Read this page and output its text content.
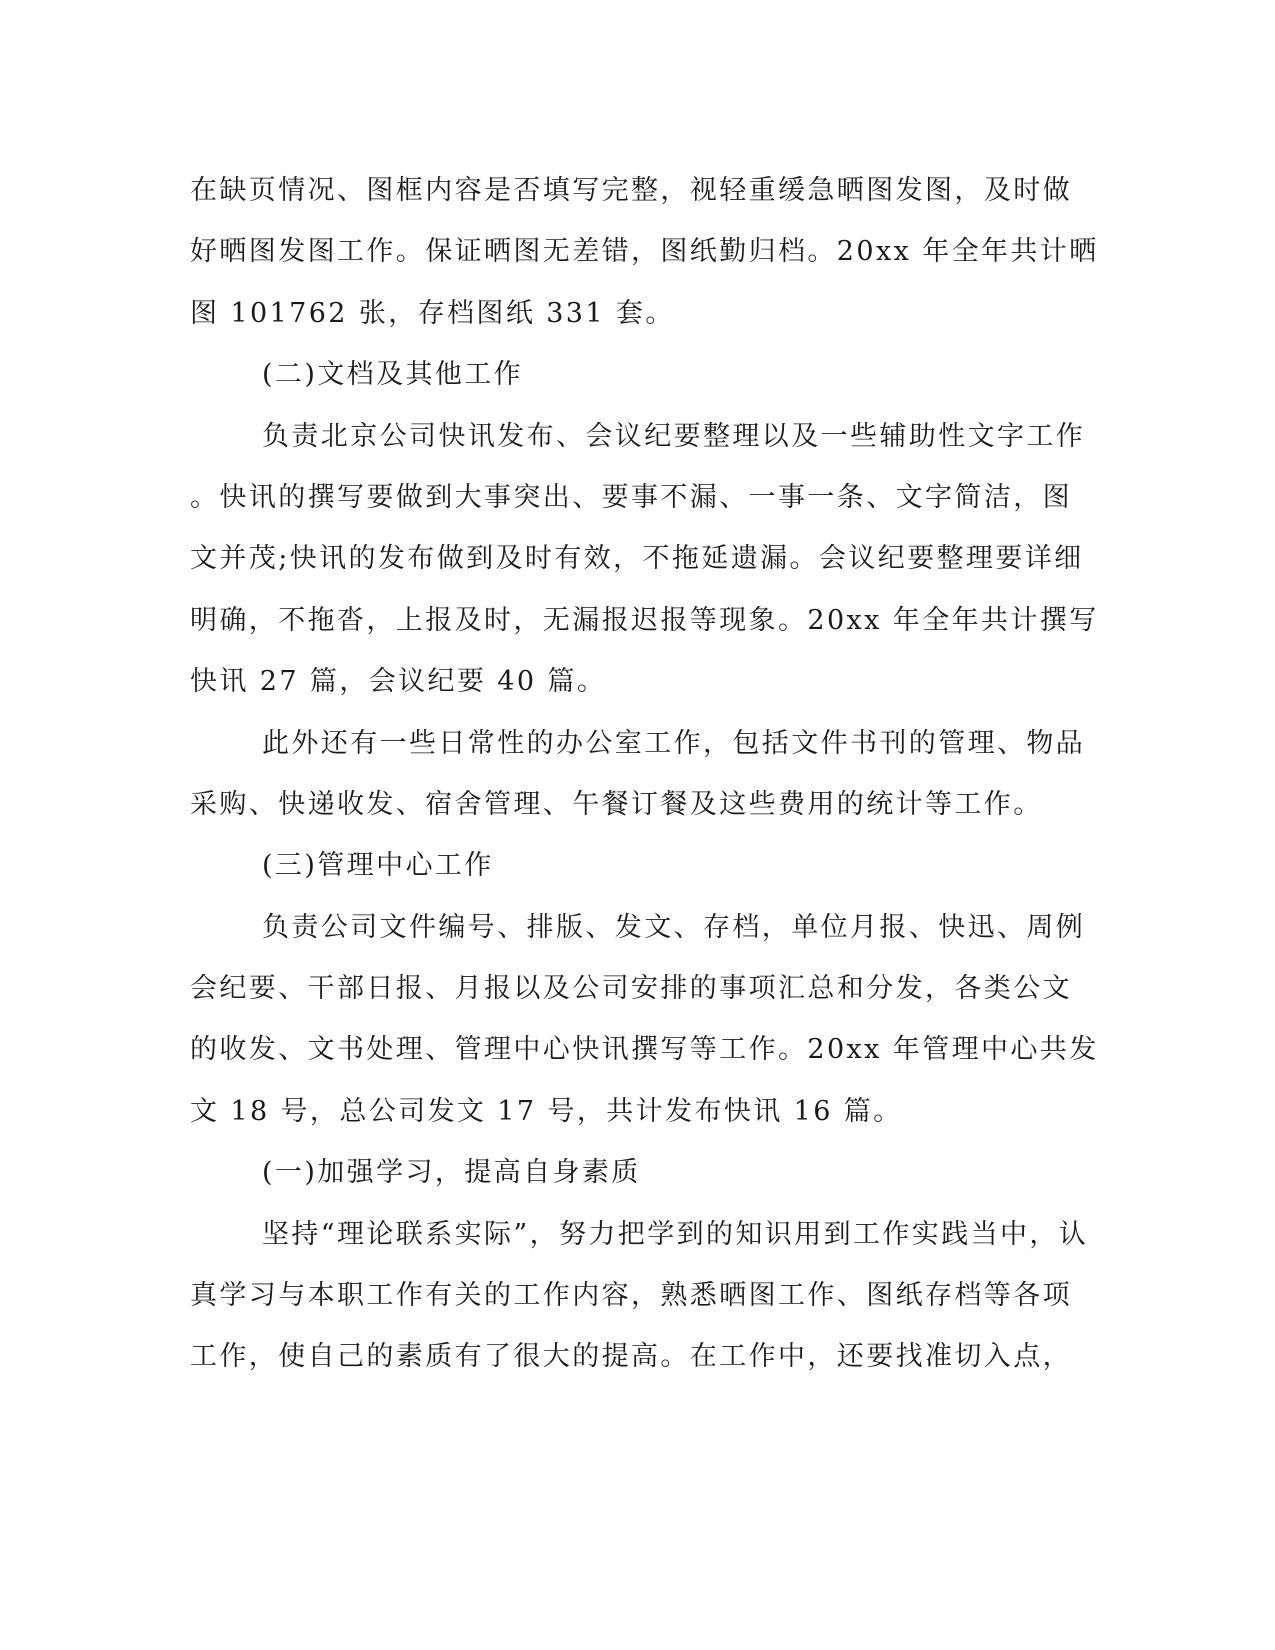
在缺页情况、图框内容是否填写完整，视轻重缓急晒图发图，及时做
好晒图发图工作。保证晒图无差错，图纸勤归档。20xx 年全年共计晒
图 101762 张，存档图纸 331 套。
(二)文档及其他工作
负责北京公司快讯发布、会议纪要整理以及一些辅助性文字工作
。快讯的撰写要做到大事突出、要事不漏、一事一条、文字简洁，图
文并茂;快讯的发布做到及时有效，不拖延遗漏。会议纪要整理要详细
明确，不拖沓，上报及时，无漏报迟报等现象。20xx 年全年共计撰写
快讯 27 篇，会议纪要 40 篇。
此外还有一些日常性的办公室工作，包括文件书刊的管理、物品
采购、快递收发、宿舍管理、午餐订餐及这些费用的统计等工作。
(三)管理中心工作
负责公司文件编号、排版、发文、存档，单位月报、快迅、周例
会纪要、干部日报、月报以及公司安排的事项汇总和分发，各类公文
的收发、文书处理、管理中心快讯撰写等工作。20xx 年管理中心共发
文 18 号，总公司发文 17 号，共计发布快讯 16 篇。
(一)加强学习，提高自身素质
坚持“理论联系实际”，努力把学到的知识用到工作实践当中，认
真学习与本职工作有关的工作内容，熟悉晒图工作、图纸存档等各项
工作，使自己的素质有了很大的提高。在工作中，还要找准切入点，
